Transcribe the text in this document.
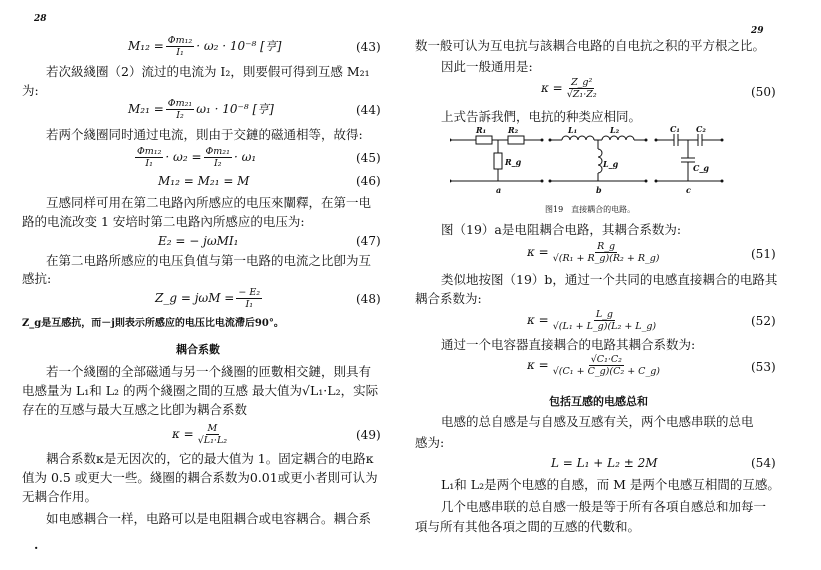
28
$M_{12} = \frac{\text{Φm₁₂}}{\text{I₁}} \cdot \omega_2 \cdot 10^{-8}$ [亨]	(43)
若次級綫圈（2）流过的电流为 I₂，則要假可得到互感 M₂₁
为:
$M_{21} = \frac{\text{Φm₂₁}}{\text{I₂}} \omega_1 \cdot 10^{-8}$ [亨]	(44)
若两个綫圈同时通过电流，則由于交鏈的磁通相等，故得:
$\frac{\text{Φm₁₂}}{\text{I₁}} \cdot \omega_2 = \frac{\text{Φm₂₁}}{\text{I₂}} \cdot \omega_1$	(45)
M₁₂ = M₂₁ = M	(46)
互感同样可用在第二电路內所感应的电压來闡釋，在第一电
路的电流改变 1 安培时第二电路內所感应的电压为:
E₂ = − jωMI₁	(47)
在第二电路所感应的电压負值与第一电路的电流之比卽为互
感抗:
Z_g = $j\omega M = \frac{\text{− E₂}}{\text{I₁}}$	(48)
Z_g是互感抗，而－j則表示所感应的电压比电流滯后90°。
耦合系數
若一个綫圈的全部磁通与另一个綫圈的匝數相交鏈，則具有
电感量为 L₁和 L₂ 的两个綫圈之間的互感 最大值为√L₁·L₂，实际
存在的互感与最大互感之比卽为耦合系数
$\kappa = \frac{M}{\text{√L₁·L₂}}$	(49)
耦合系数κ是无因次的，它的最大值为 1。固定耦合的电路κ
值为 0.5 或更大一些。綫圈的耦合系数为0.01或更小者則可认为
无耦合作用。
如电感耦合一样，电路可以是电阻耦合或电容耦合。耦合系
·
29
数一般可认为互电抗与該耦合电路的自电抗之积的平方根之比。
因此一般通用是:
$\kappa = \frac{\text{Z\_g²}}{\text{√Z₁·Z₂}}$	(50)
上式告訴我們，电抗的种类应相同。
R₁	R₂
R_g
L₁	L₂
L_g
C₁ C₂
C_g
a	b	c
图19　直接耦合的电路。
图（19）a是电阻耦合电路，其耦合系数为:
$\kappa = \frac{R\_g}{\text{√(R₁ + R\_g)(R₂ + R\_g)}}$	(51)
类似地按图（19）b，通过一个共同的电感直接耦合的电路其
耦合系数为:
$\kappa = \frac{L\_g}{\text{√(L₁ + L\_g)(L₂ + L\_g)}}$	(52)
通过一个电容器直接耦合的电路其耦合系数为:
$\kappa = \frac{\text{√C₁·C₂}}{\text{√(C₁ + C\_g)(C₂ + C\_g)}}$	(53)
包括互感的电感总和
电感的总自感是与自感及互感有关，两个电感串联的总电
感为:
L = L₁ + L₂ ± 2M	(54)
L₁和 L₂是两个电感的自感，而 M 是两个电感互相間的互感。
几个电感串联的总自感一般是等于所有各項自感总和加每一
項与所有其他各項之間的互感的代數和。
